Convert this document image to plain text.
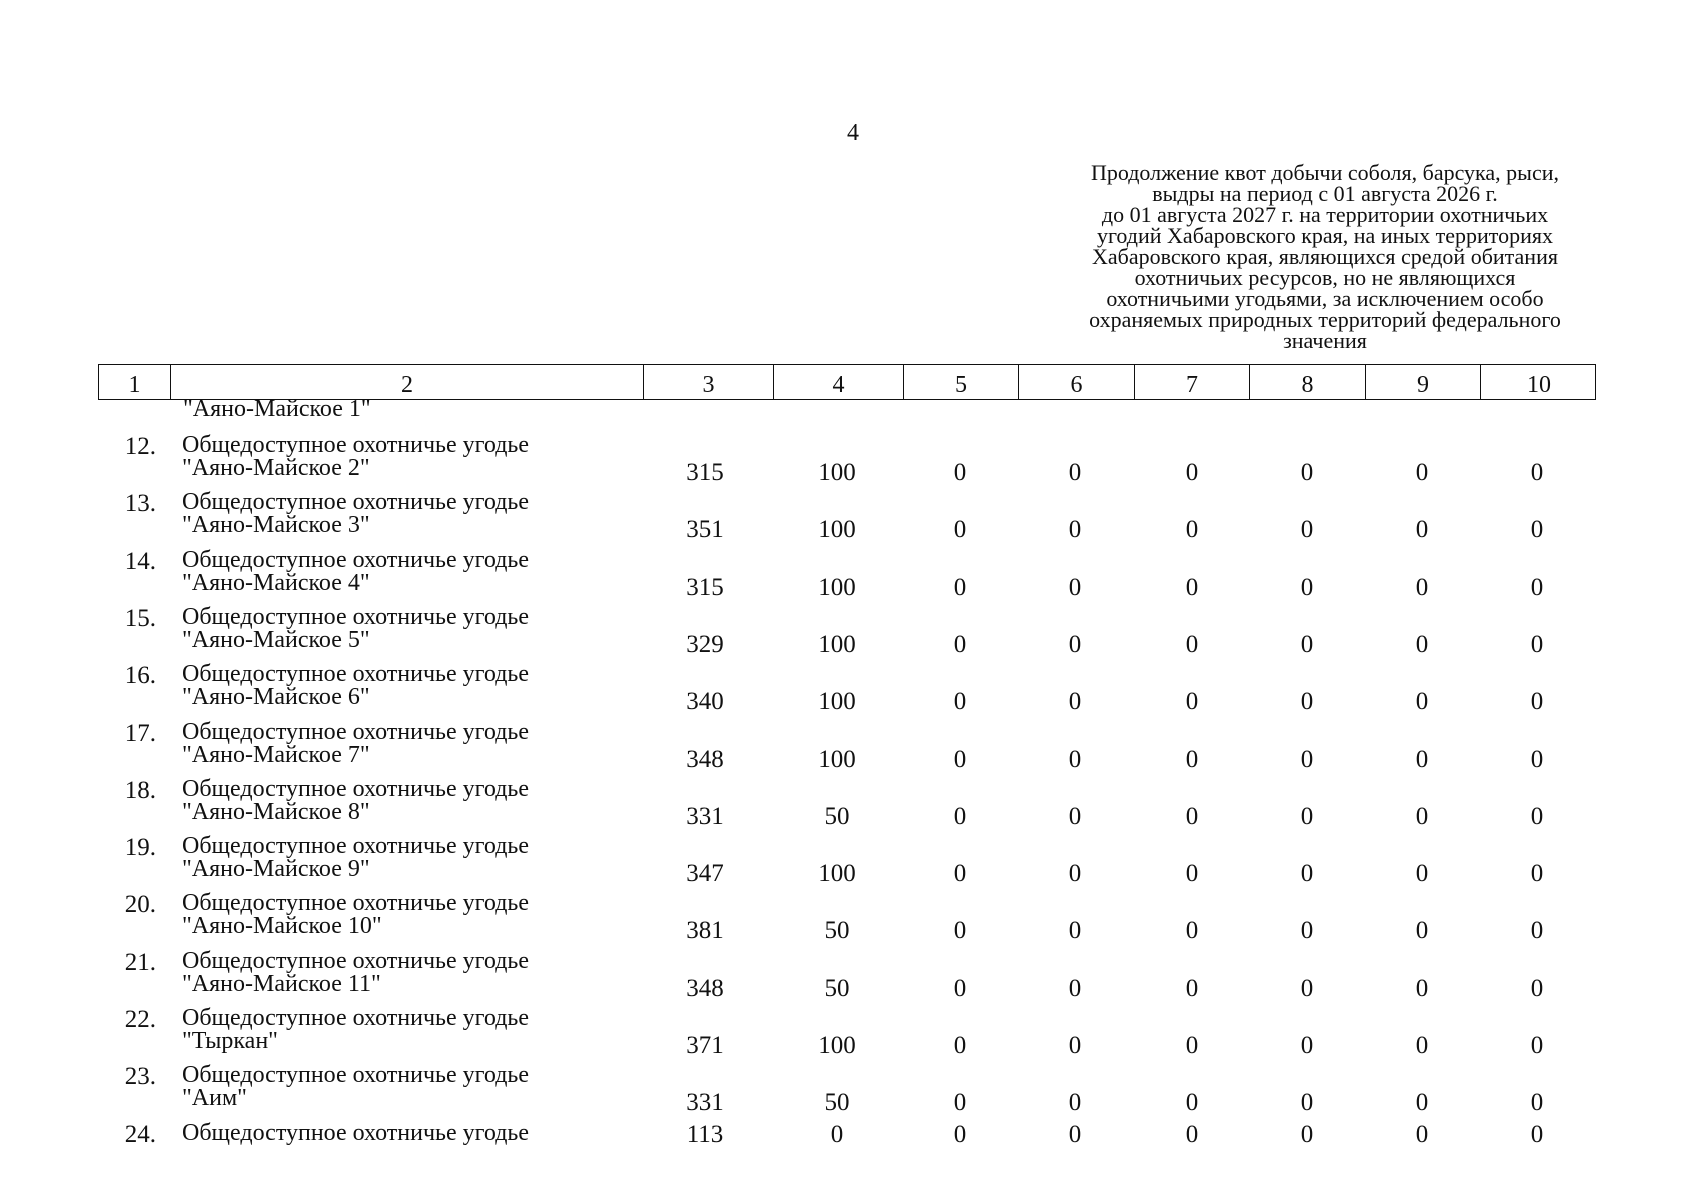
4
Продолжение квот добычи соболя, барсука, рыси,
выдры на период с 01 августа 2026 г.
до 01 августа 2027 г. на территории охотничьих
угодий Хабаровского края, на иных территориях
Хабаровского края, являющихся средой обитания
охотничьих ресурсов, но не являющихся
охотничьими угодьями, за исключением особо
охраняемых природных территорий федерального
значения
1	2	3	4	5	6	7	8	9	10
"Аяно-Майское 1"
12. Общедоступное охотничье угодье
"Аяно-Майское 2"	315	100	0	0	0	0	0	0
13. Общедоступное охотничье угодье
"Аяно-Майское 3"	351	100	0	0	0	0	0	0
14. Общедоступное охотничье угодье
"Аяно-Майское 4"	315	100	0	0	0	0	0	0
15. Общедоступное охотничье угодье
"Аяно-Майское 5"	329	100	0	0	0	0	0	0
16. Общедоступное охотничье угодье
"Аяно-Майское 6"	340	100	0	0	0	0	0	0
17. Общедоступное охотничье угодье
"Аяно-Майское 7"	348	100	0	0	0	0	0	0
18. Общедоступное охотничье угодье
"Аяно-Майское 8"	331	50	0	0	0	0	0	0
19. Общедоступное охотничье угодье
"Аяно-Майское 9"	347	100	0	0	0	0	0	0
20. Общедоступное охотничье угодье
"Аяно-Майское 10"	381	50	0	0	0	0	0	0
21. Общедоступное охотничье угодье
"Аяно-Майское 11"	348	50	0	0	0	0	0	0
22. Общедоступное охотничье угодье
"Тыркан"	371	100	0	0	0	0	0	0
23. Общедоступное охотничье угодье
"Аим"	331	50	0	0	0	0	0	0
24. Общедоступное охотничье угодье	113	0	0	0	0	0	0	0
